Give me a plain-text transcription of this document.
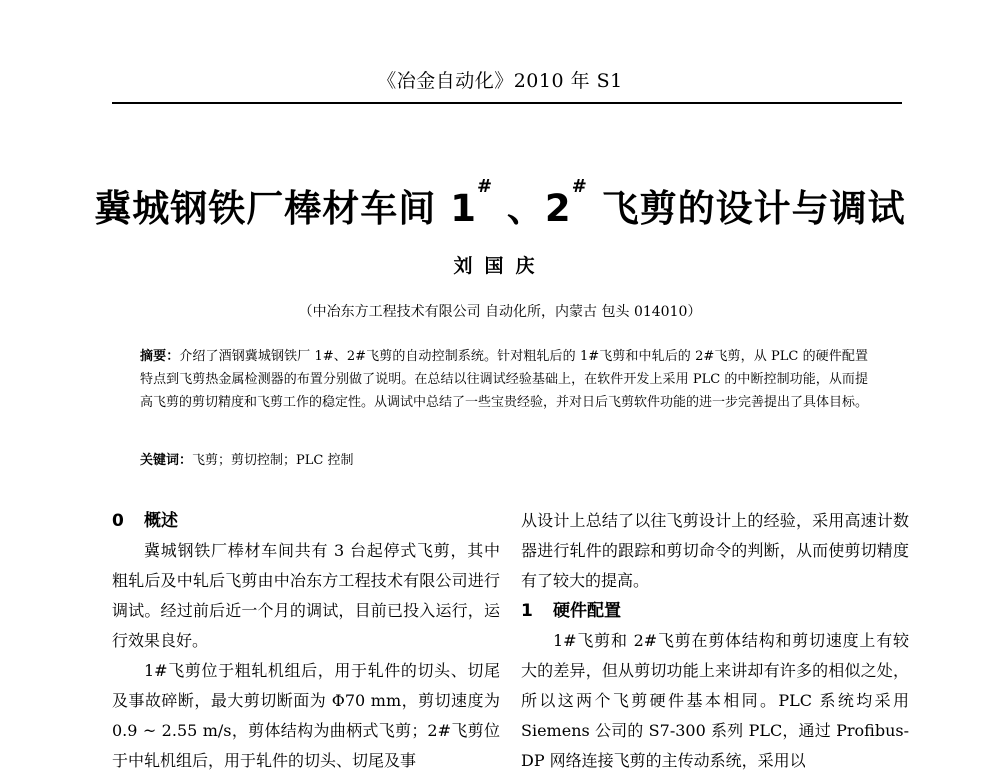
《冶金自动化》2010 年 S1
冀城钢铁厂棒材车间 1# 、2# 飞剪的设计与调试
刘国庆
（中冶东方工程技术有限公司 自动化所，内蒙古 包头 014010）
摘要：介绍了酒钢冀城钢铁厂 1#、2#飞剪的自动控制系统。针对粗轧后的 1#飞剪和中轧后的 2#飞剪，从 PLC 的硬件配置特点到飞剪热金属检测器的布置分别做了说明。在总结以往调试经验基础上，在软件开发上采用 PLC 的中断控制功能，从而提高飞剪的剪切精度和飞剪工作的稳定性。从调试中总结了一些宝贵经验，并对日后飞剪软件功能的进一步完善提出了具体目标。
关键词：飞剪；剪切控制；PLC 控制
0 概述

冀城钢铁厂棒材车间共有 3 台起停式飞剪，其中粗轧后及中轧后飞剪由中冶东方工程技术有限公司进行调试。经过前后近一个月的调试，目前已投入运行，运行效果良好。

1#飞剪位于粗轧机组后，用于轧件的切头、切尾及事故碎断，最大剪切断面为 Φ70 mm，剪切速度为 0.9 ~ 2.55 m/s，剪体结构为曲柄式飞剪；2#飞剪位于中轧机组后，用于轧件的切头、切尾及事

从设计上总结了以往飞剪设计上的经验，采用高速计数器进行轧件的跟踪和剪切命令的判断，从而使剪切精度有了较大的提高。

1 硬件配置

1#飞剪和 2#飞剪在剪体结构和剪切速度上有较大的差异，但从剪切功能上来讲却有许多的相似之处，所以这两个飞剪硬件基本相同。PLC 系统均采用 Siemens 公司的 S7-300 系列 PLC，通过 Profibus-DP 网络连接飞剪的主传动系统，采用以
